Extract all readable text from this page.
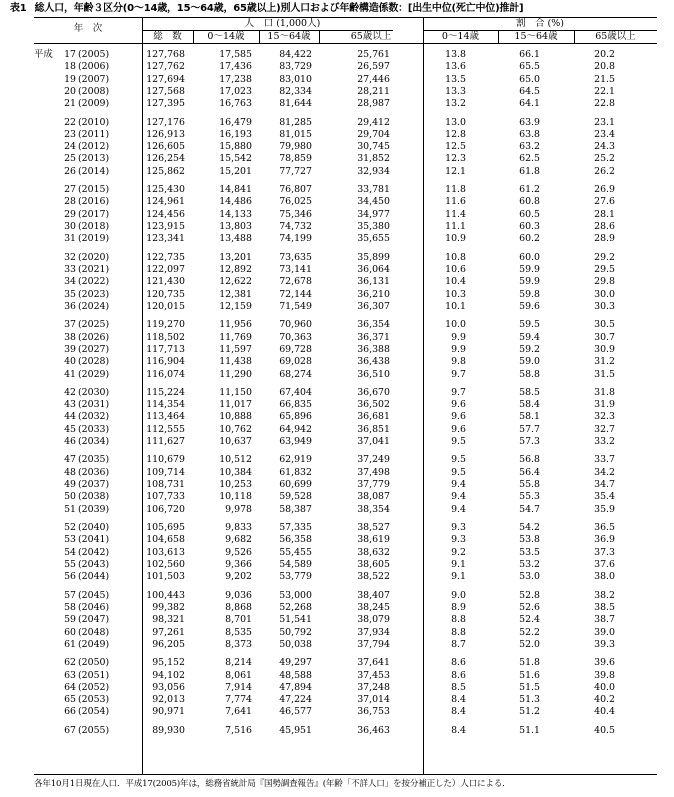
表1 総人口，年齢３区分(0～14歳，15～64歳，65歳以上)別人口および年齢構造係数：[出生中位(死亡中位)推計]
年　次	人　口 (1,000人)	割　合 (%)
総　数	0～14歳	15～64歳	65歳以上	0～14歳	15～64歳	65歳以上
平成 17 (2005)	127,768	17,585	84,422	25,761	13.8	66.1	20.2
18 (2006)	127,762	17,436	83,729	26,597	13.6	65.5	20.8
19 (2007)	127,694	17,238	83,010	27,446	13.5	65.0	21.5
20 (2008)	127,568	17,023	82,334	28,211	13.3	64.5	22.1
21 (2009)	127,395	16,763	81,644	28,987	13.2	64.1	22.8

22 (2010)	127,176	16,479	81,285	29,412	13.0	63.9	23.1
23 (2011)	126,913	16,193	81,015	29,704	12.8	63.8	23.4
24 (2012)	126,605	15,880	79,980	30,745	12.5	63.2	24.3
25 (2013)	126,254	15,542	78,859	31,852	12.3	62.5	25.2
26 (2014)	125,862	15,201	77,727	32,934	12.1	61.8	26.2

27 (2015)	125,430	14,841	76,807	33,781	11.8	61.2	26.9
28 (2016)	124,961	14,486	76,025	34,450	11.6	60.8	27.6
29 (2017)	124,456	14,133	75,346	34,977	11.4	60.5	28.1
30 (2018)	123,915	13,803	74,732	35,380	11.1	60.3	28.6
31 (2019)	123,341	13,488	74,199	35,655	10.9	60.2	28.9

32 (2020)	122,735	13,201	73,635	35,899	10.8	60.0	29.2
33 (2021)	122,097	12,892	73,141	36,064	10.6	59.9	29.5
34 (2022)	121,430	12,622	72,678	36,131	10.4	59.9	29.8
35 (2023)	120,735	12,381	72,144	36,210	10.3	59.8	30.0
36 (2024)	120,015	12,159	71,549	36,307	10.1	59.6	30.3

37 (2025)	119,270	11,956	70,960	36,354	10.0	59.5	30.5
38 (2026)	118,502	11,769	70,363	36,371	9.9	59.4	30.7
39 (2027)	117,713	11,597	69,728	36,388	9.9	59.2	30.9
40 (2028)	116,904	11,438	69,028	36,438	9.8	59.0	31.2
41 (2029)	116,074	11,290	68,274	36,510	9.7	58.8	31.5

42 (2030)	115,224	11,150	67,404	36,670	9.7	58.5	31.8
43 (2031)	114,354	11,017	66,835	36,502	9.6	58.4	31.9
44 (2032)	113,464	10,888	65,896	36,681	9.6	58.1	32.3
45 (2033)	112,555	10,762	64,942	36,851	9.6	57.7	32.7
46 (2034)	111,627	10,637	63,949	37,041	9.5	57.3	33.2

47 (2035)	110,679	10,512	62,919	37,249	9.5	56.8	33.7
48 (2036)	109,714	10,384	61,832	37,498	9.5	56.4	34.2
49 (2037)	108,731	10,253	60,699	37,779	9.4	55.8	34.7
50 (2038)	107,733	10,118	59,528	38,087	9.4	55.3	35.4
51 (2039)	106,720	9,978	58,387	38,354	9.4	54.7	35.9

52 (2040)	105,695	9,833	57,335	38,527	9.3	54.2	36.5
53 (2041)	104,658	9,682	56,358	38,619	9.3	53.8	36.9
54 (2042)	103,613	9,526	55,455	38,632	9.2	53.5	37.3
55 (2043)	102,560	9,366	54,589	38,605	9.1	53.2	37.6
56 (2044)	101,503	9,202	53,779	38,522	9.1	53.0	38.0

57 (2045)	100,443	9,036	53,000	38,407	9.0	52.8	38.2
58 (2046)	99,382	8,868	52,268	38,245	8.9	52.6	38.5
59 (2047)	98,321	8,701	51,541	38,079	8.8	52.4	38.7
60 (2048)	97,261	8,535	50,792	37,934	8.8	52.2	39.0
61 (2049)	96,205	8,373	50,038	37,794	8.7	52.0	39.3

62 (2050)	95,152	8,214	49,297	37,641	8.6	51.8	39.6
63 (2051)	94,102	8,061	48,588	37,453	8.6	51.6	39.8
64 (2052)	93,056	7,914	47,894	37,248	8.5	51.5	40.0
65 (2053)	92,013	7,774	47,224	37,014	8.4	51.3	40.2
66 (2054)	90,971	7,641	46,577	36,753	8.4	51.2	40.4

67 (2055)	89,930	7,516	45,951	36,463	8.4	51.1	40.5
各年10月1日現在人口．平成17(2005)年は，総務省統計局『国勢調査報告』(年齢「不詳人口」を按分補正した）人口による．
